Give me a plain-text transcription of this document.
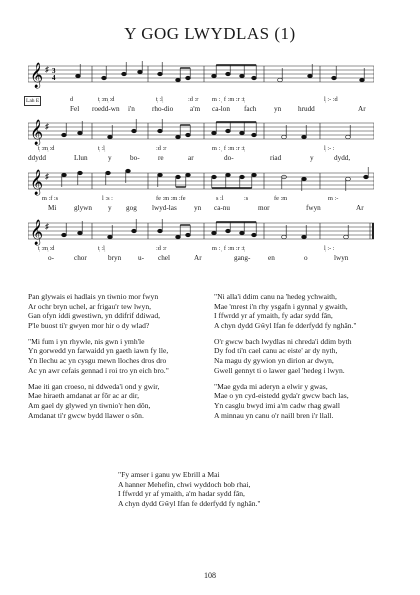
Y GOG LWYDLAS (1)
𝄞 ♯ 3
4
Lah E	d	t̩ :m̩ :d	t̩ :l̩	:d :r m :ˌ f :m :r :t̩	l̩ :- :d
Fel roedd-wn i'n rho-dio a'm ca-lon fach yn hrudd	Ar
𝄞 ♯
t̩ :m̩ :d	t̩ :l̩	:d :r	m :ˌ f :m :r :t̩	l̩ :- :
ddydd	Llun	y	bo-	re	ar	do-	riad	y	dydd,
𝄞 ♯
m :f :s	l :s :	fe :m :m :fe	s :l	:s	fe :m	m :-
Mi glywn y gog lwyd-las yn ca-nu	mor	fwyn	Ar
𝄞 ♯
t̩ :m̩ :d	t̩ :l̩	:d :r	m :ˌ f :m :r :t̩	l̩ :- :
o-	chor	bryn u- chel	Ar	gang- en	o	lwyn
Pan glywais ei hadlais yn tiwnio mor fwyn
Ar ochr bryn uchel, ar frigau'r tew lwyn,
Gan ofyn iddi gwestiwn, yn ddifrif ddiwad,
P'le buost ti'r gwyen mor hir o dy wlad?
"Mi fum i yn rhywle, nis gwn i ymh'le
Yn gorwedd yn farwaidd yn gaeth iawn fy lle,
Yn llechu ac yn cysgu mewn lloches dros dro
Ac yn awr cefais gennad i roi tro yn eich bro."
Mae iti gan croeso, ni ddweda'i ond y gwir,
Mae hiraeth amdanat ar fôr ac ar dir,
Am gael dy glywed yn tiwnio'r hen dôn,
Amdanat ti'r gwcw bydd llawer o sôn.
"Ni alla'i ddim canu na 'hedeg ychwaith,
Mae 'mrest i'n rhy ysgafn i gynnal y gwaith,
I ffwrdd yr af ymaith, fy adar sydd fân,
A chyn dydd Gŵyl Ifan fe dderfydd fy nghân."
O'r gwcw bach lwydlas ni chreda'i ddim byth
Dy fod ti'n cael canu ac eiste' ar dy nyth,
Na magu dy gywion yn dirion ar dwyn,
Gwell gennyt ti o lawer gael 'hedeg i lwyn.
"Mae gyda mi aderyn a elwir y gwas,
Mae o yn cyd-eistedd gyda'r gwcw bach las,
Yn casglu bwyd imi a'm cadw rhag gwall
A minnau yn canu o'r naill bren i'r llall.
"Fy amser i ganu yw Ebrill a Mai
A hanner Mehefin, chwi wyddoch bob rhai,
I ffwrdd yr af ymaith, a'm hadar sydd fân,
A chyn dydd Gŵyl Ifan fe dderfydd fy nghân."
108
